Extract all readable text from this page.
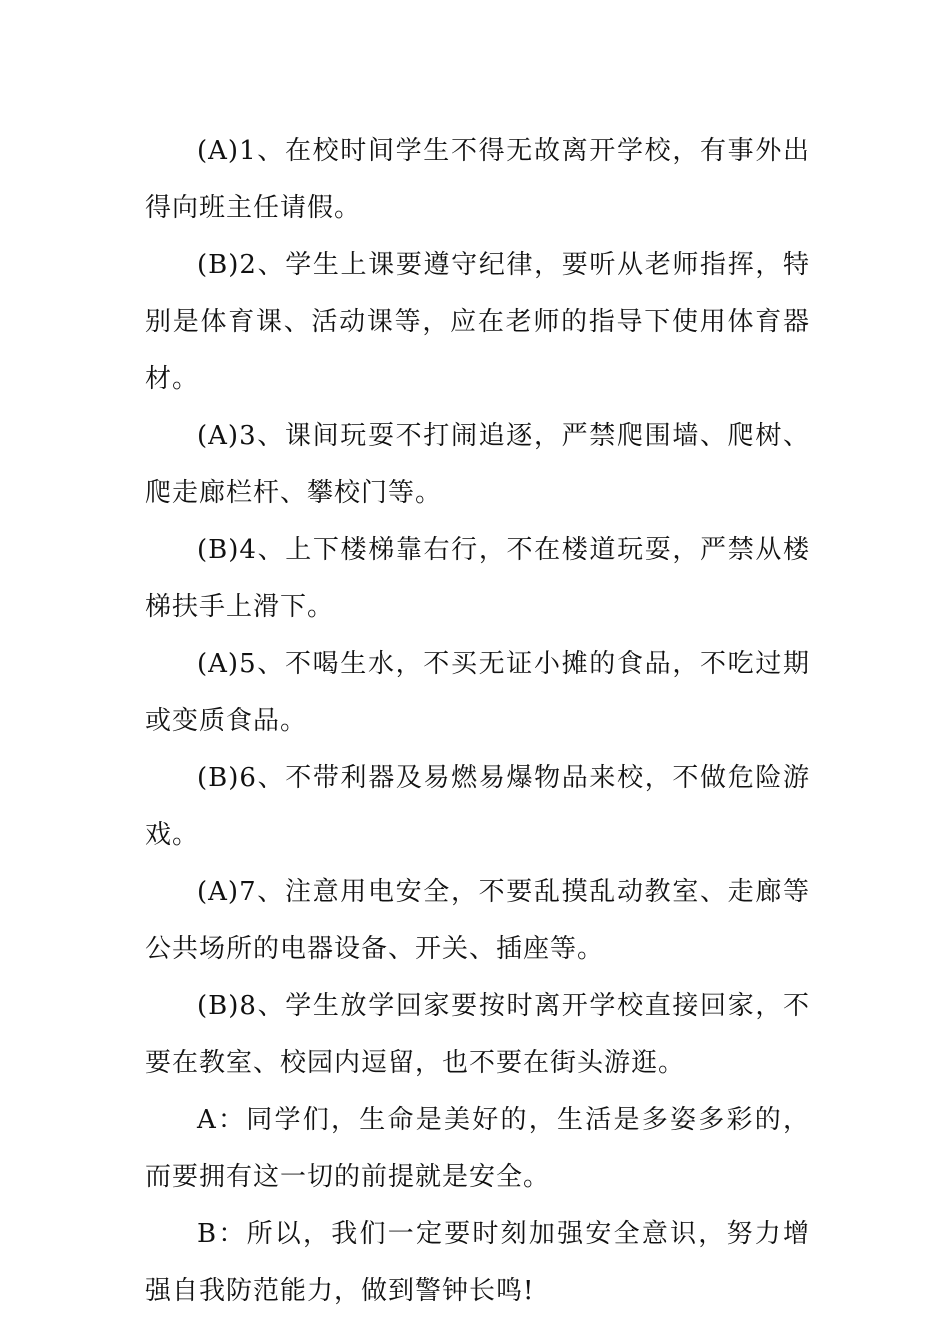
(A)1、在校时间学生不得无故离开学校，有事外出得向班主任请假。

(B)2、学生上课要遵守纪律，要听从老师指挥，特别是体育课、活动课等，应在老师的指导下使用体育器材。

(A)3、课间玩耍不打闹追逐，严禁爬围墙、爬树、爬走廊栏杆、攀校门等。

(B)4、上下楼梯靠右行，不在楼道玩耍，严禁从楼梯扶手上滑下。

(A)5、不喝生水，不买无证小摊的食品，不吃过期或变质食品。

(B)6、不带利器及易燃易爆物品来校，不做危险游戏。

(A)7、注意用电安全，不要乱摸乱动教室、走廊等公共场所的电器设备、开关、插座等。

(B)8、学生放学回家要按时离开学校直接回家，不要在教室、校园内逗留，也不要在街头游逛。

A：同学们，生命是美好的，生活是多姿多彩的，而要拥有这一切的前提就是安全。

B：所以，我们一定要时刻加强安全意识，努力增强自我防范能力，做到警钟长鸣!
